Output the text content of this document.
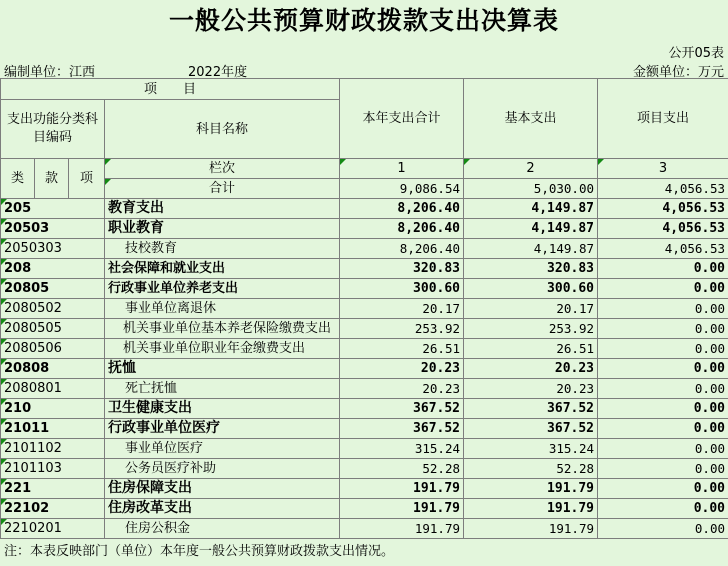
一般公共预算财政拨款支出决算表
公开05表
编制单位：江西	2022年度	金额单位：万元
项　　目				本年支出合计	基本支出	项目支出
支出功能分类科目编码			科目名称			

类	款	项	栏次	1	2	3
			合计	9,086.54	5,030.00	4,056.53
205			教育支出	8,206.40	4,149.87	4,056.53
20503			职业教育	8,206.40	4,149.87	4,056.53
2050303			技校教育	8,206.40	4,149.87	4,056.53
208			社会保障和就业支出	320.83	320.83	0.00
20805			行政事业单位养老支出	300.60	300.60	0.00
2080502			事业单位离退休	20.17	20.17	0.00
2080505			机关事业单位基本养老保险缴费支出	253.92	253.92	0.00
2080506			机关事业单位职业年金缴费支出	26.51	26.51	0.00
20808			抚恤	20.23	20.23	0.00
2080801			死亡抚恤	20.23	20.23	0.00
210			卫生健康支出	367.52	367.52	0.00
21011			行政事业单位医疗	367.52	367.52	0.00
2101102			事业单位医疗	315.24	315.24	0.00
2101103			公务员医疗补助	52.28	52.28	0.00
221			住房保障支出	191.79	191.79	0.00
22102			住房改革支出	191.79	191.79	0.00
2210201			住房公积金	191.79	191.79	0.00
注：本表反映部门（单位）本年度一般公共预算财政拨款支出情况。
